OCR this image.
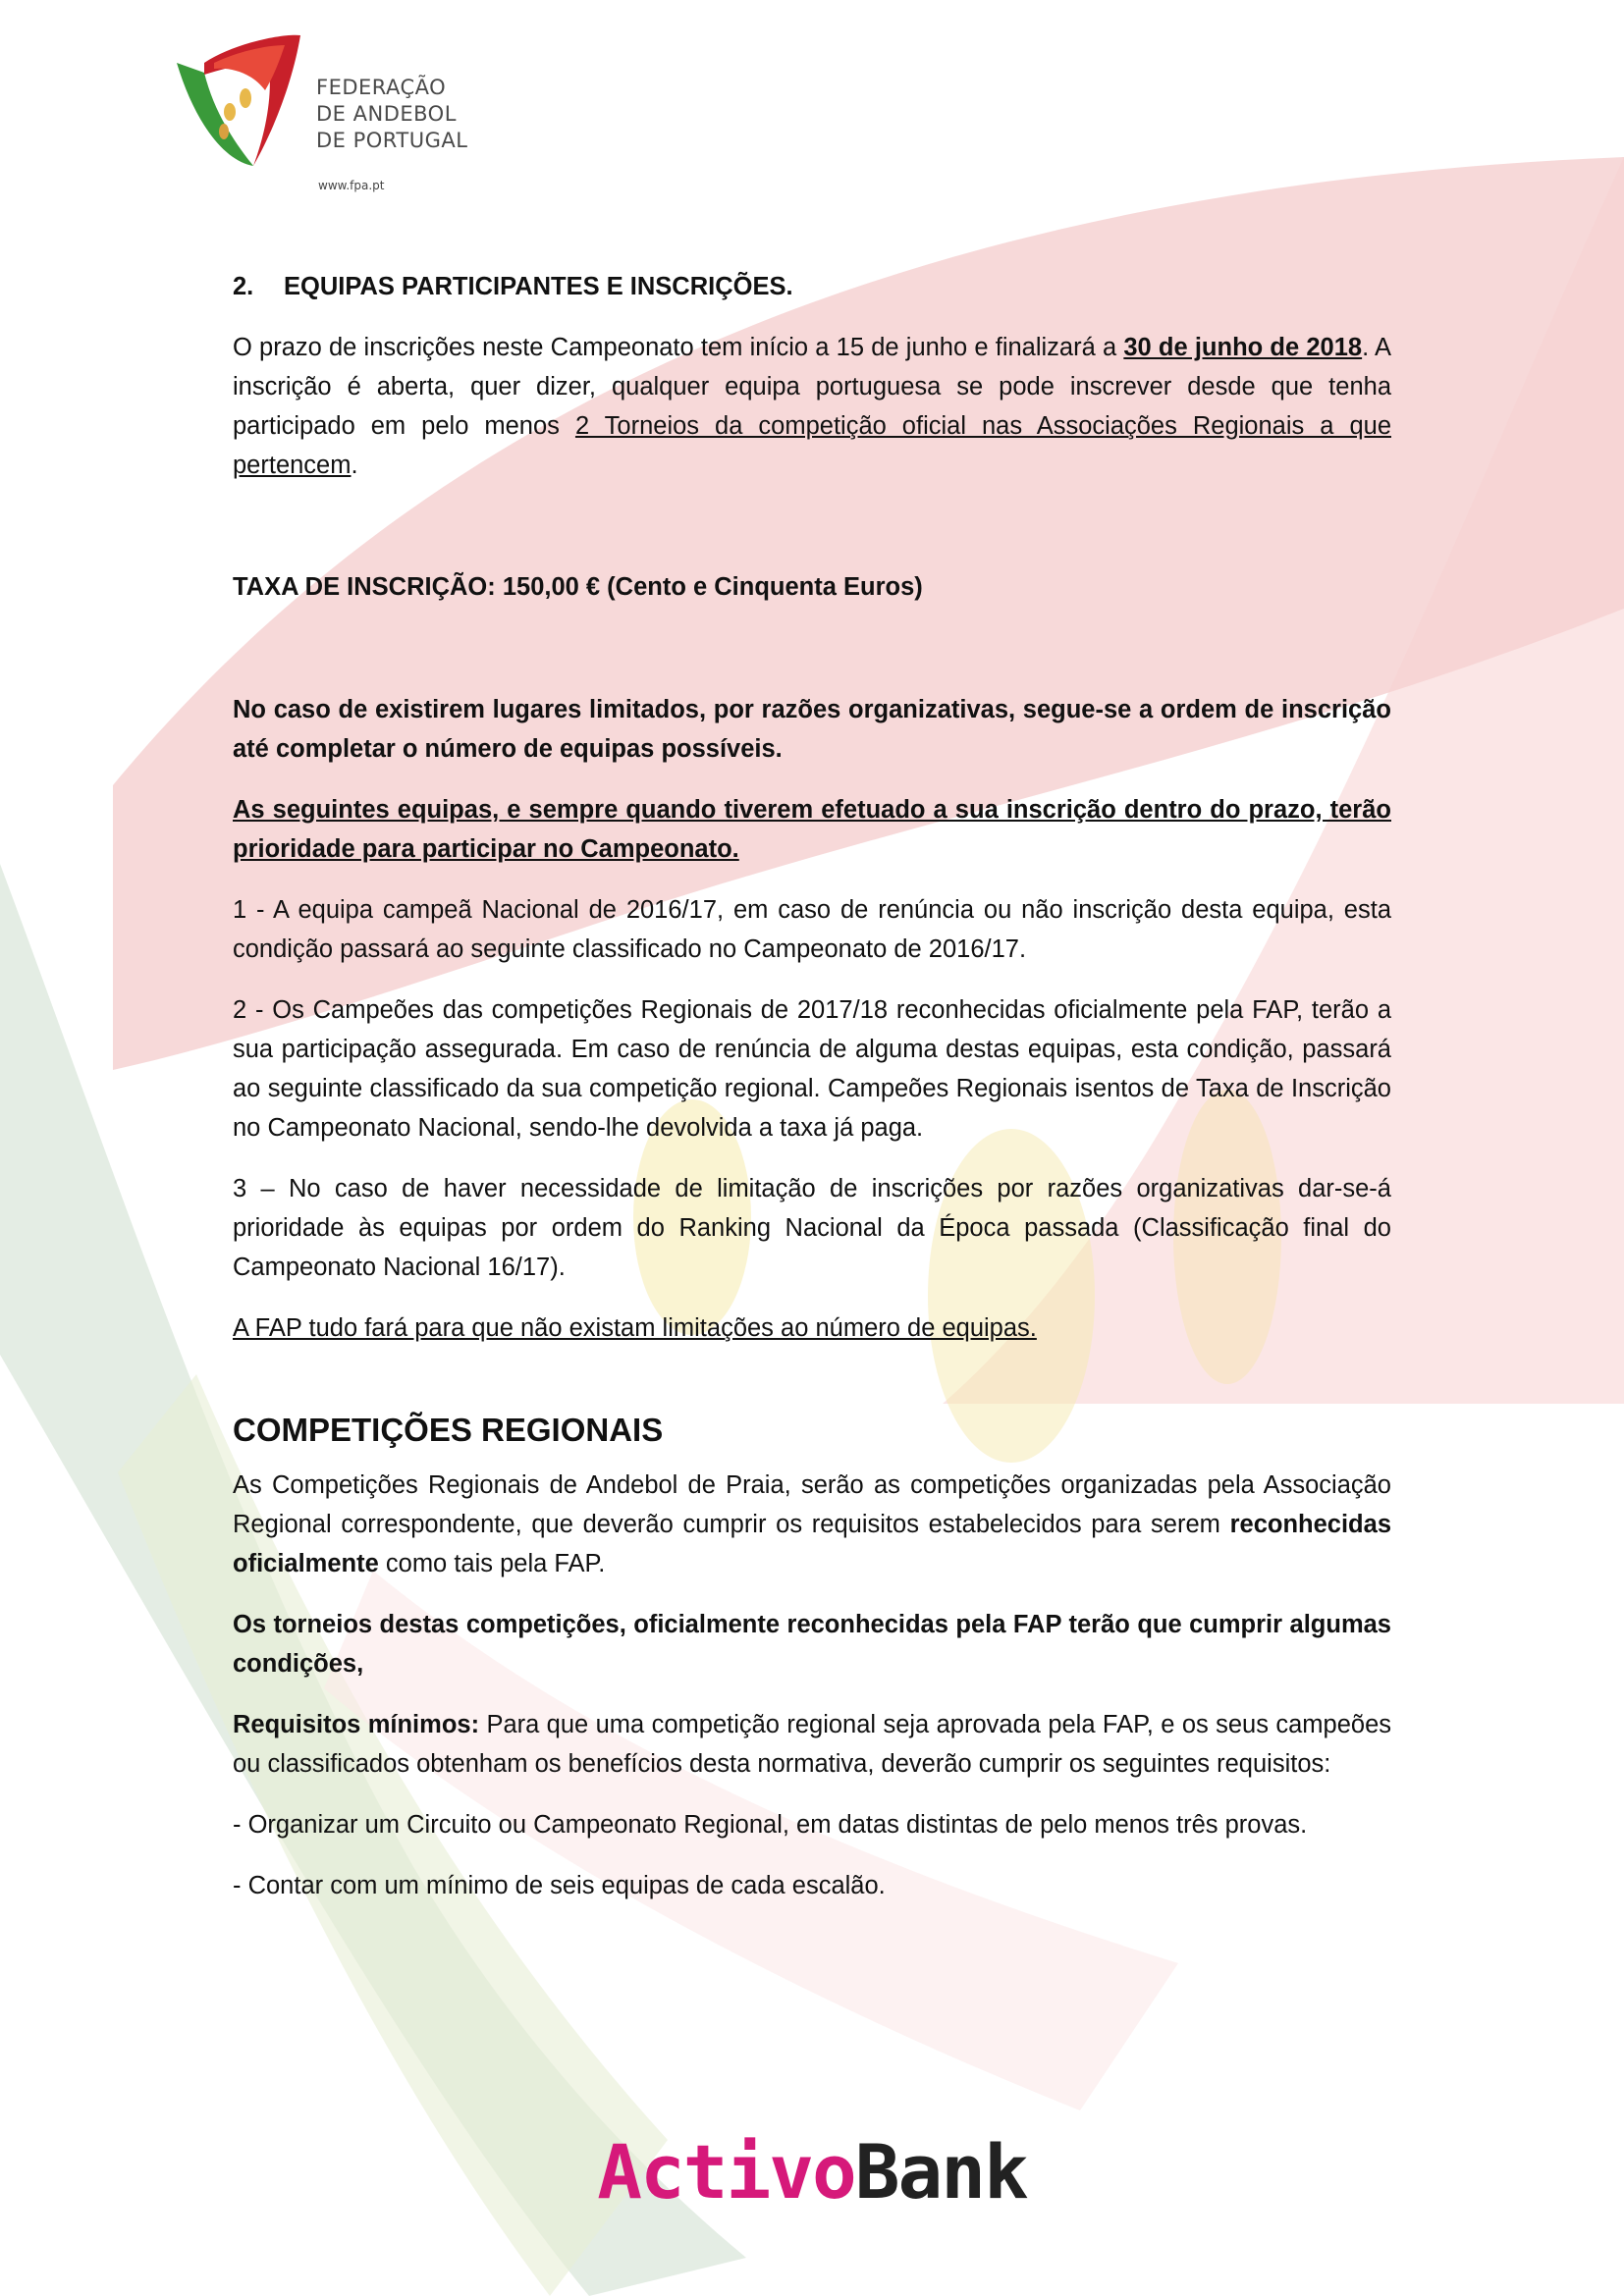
FEDERAÇÃO
DE ANDEBOL
DE PORTUGAL
www.fpa.pt

2. EQUIPAS PARTICIPANTES E INSCRIÇÕES.

O prazo de inscrições neste Campeonato tem início a 15 de junho e finalizará a 30 de junho de 2018. A inscrição é aberta, quer dizer, qualquer equipa portuguesa se pode inscrever desde que tenha participado em pelo menos 2 Torneios da competição oficial nas Associações Regionais a que pertencem.

TAXA DE INSCRIÇÃO: 150,00 € (Cento e Cinquenta Euros)

No caso de existirem lugares limitados, por razões organizativas, segue-se a ordem de inscrição até completar o número de equipas possíveis.

As seguintes equipas, e sempre quando tiverem efetuado a sua inscrição dentro do prazo, terão prioridade para participar no Campeonato.

1 - A equipa campeã Nacional de 2016/17, em caso de renúncia ou não inscrição desta equipa, esta condição passará ao seguinte classificado no Campeonato de 2016/17.

2 - Os Campeões das competições Regionais de 2017/18 reconhecidas oficialmente pela FAP, terão a sua participação assegurada. Em caso de renúncia de alguma destas equipas, esta condição, passará ao seguinte classificado da sua competição regional. Campeões Regionais isentos de Taxa de Inscrição no Campeonato Nacional, sendo-lhe devolvida a taxa já paga.

3 – No caso de haver necessidade de limitação de inscrições por razões organizativas dar-se-á prioridade às equipas por ordem do Ranking Nacional da Época passada (Classificação final do Campeonato Nacional 16/17).

A FAP tudo fará para que não existam limitações ao número de equipas.

COMPETIÇÕES REGIONAIS

As Competições Regionais de Andebol de Praia, serão as competições organizadas pela Associação Regional correspondente, que deverão cumprir os requisitos estabelecidos para serem reconhecidas oficialmente como tais pela FAP.

Os torneios destas competições, oficialmente reconhecidas pela FAP terão que cumprir algumas condições,

Requisitos mínimos: Para que uma competição regional seja aprovada pela FAP, e os seus campeões ou classificados obtenham os benefícios desta normativa, deverão cumprir os seguintes requisitos:

- Organizar um Circuito ou Campeonato Regional, em datas distintas de pelo menos três provas.

- Contar com um mínimo de seis equipas de cada escalão.

ActivoBank
